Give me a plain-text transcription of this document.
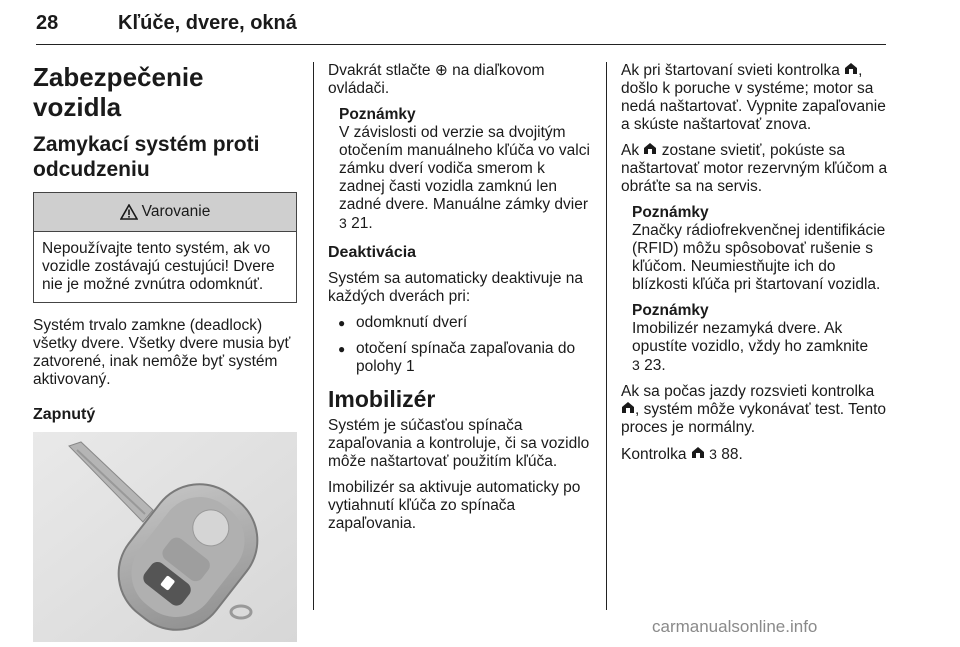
28	Kľúče, dvere, okná
Zabezpečenie vozidla
Zamykací systém proti odcudzeniu
Varovanie
Nepoužívajte tento systém, ak vo vozidle zostávajú cestujúci! Dvere nie je možné zvnútra odomknúť.

Systém trvalo zamkne (deadlock) všetky dvere. Všetky dvere musia byť zatvorené, inak nemôže byť systém aktivovaný.

Zapnutý

Dvakrát stlačte ⊕ na diaľkovom ovládači.

Poznámky
V závislosti od verzie sa dvojitým otočením manuálneho kľúča vo valci zámku dverí vodiča smerom k zadnej časti vozidla zamknú len zadné dvere. Manuálne zámky dvier
3 21.
Deaktivácia

Systém sa automaticky deaktivuje na každých dverách pri:

● odomknutí dverí
● otočení spínača zapaľovania do polohy 1
Imobilizér

Systém je súčasťou spínača zapaľovania a kontroluje, či sa vozidlo môže naštartovať použitím kľúča.

Imobilizér sa aktivuje automaticky po vytiahnutí kľúča zo spínača zapaľovania.

Ak pri štartovaní svieti kontrolka , došlo k poruche v systéme; motor sa nedá naštartovať. Vypnite zapaľovanie a skúste naštartovať znova.

Ak  zostane svietiť, pokúste sa naštartovať motor rezervným kľúčom a obráťte sa na servis.

Poznámky
Značky rádiofrekvenčnej identifikácie (RFID) môžu spôsobovať rušenie s kľúčom. Neumiestňujte ich do blízkosti kľúča pri štartovaní vozidla.
Poznámky
Imobilizér nezamyká dvere. Ak opustíte vozidlo, vždy ho zamknite
3 23.

Ak sa počas jazdy rozsvieti kontrolka
, systém môže vykonávať test. Tento proces je normálny.

Kontrolka  3 88.

carmanualsonline.info
